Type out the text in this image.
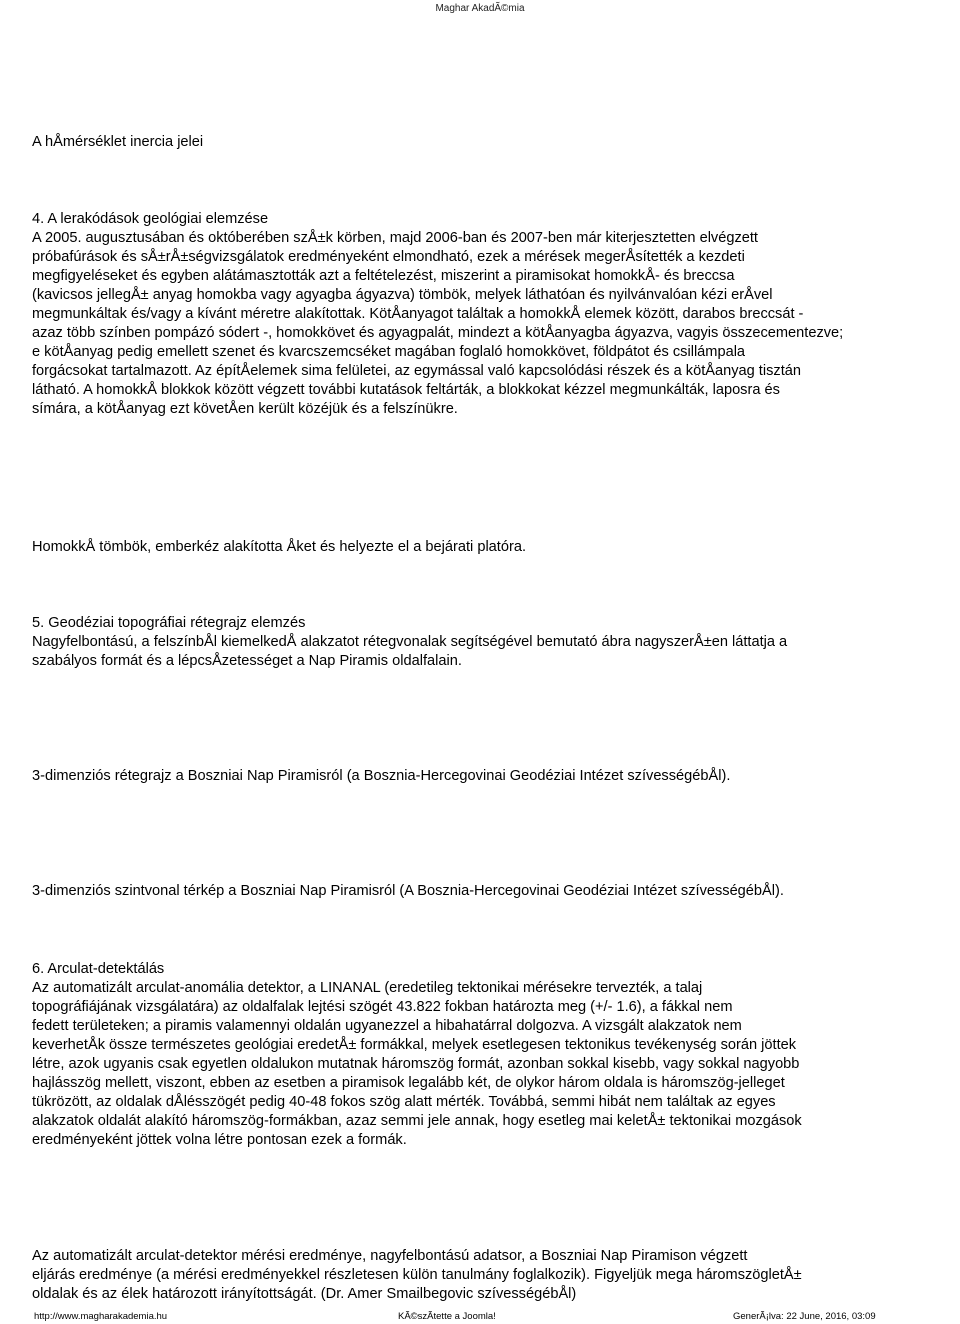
Maghar AkadÃ©mia
A hÅmérséklet inercia jelei
4. A lerakódások geológiai elemzése
A 2005. augusztusában és októberében szÅ±k körben, majd 2006-ban és 2007-ben már kiterjesztetten elvégzett
próbafúrások és sÅ±rÅ±ségvizsgálatok eredményeként elmondható, ezek a mérések megerÅsítették a kezdeti
megfigyeléseket és egyben alátámasztották azt a feltételezést, miszerint a piramisokat homokkÅ- és breccsa
(kavicsos jellegÅ± anyag homokba vagy agyagba ágyazva) tömbök, melyek láthatóan és nyilvánvalóan kézi erÅvel
megmunkáltak és/vagy a kívánt méretre alakítottak. KötÅanyagot találtak a homokkÅ elemek között, darabos breccsát -
azaz több színben pompázó sódert -, homokkövet és agyagpalát, mindezt a kötÅanyagba ágyazva, vagyis összecementezve;
e kötÅanyag pedig emellett szenet és kvarcszemcséket magában foglaló homokkövet, földpátot és csillámpala
forgácsokat tartalmazott. Az építÅelemek sima felületei, az egymással való kapcsolódási részek és a kötÅanyag tisztán
látható. A homokkÅ blokkok között végzett további kutatások feltárták, a blokkokat kézzel megmunkálták, laposra és
símára, a kötÅanyag ezt követÅen került közéjük és a felszínükre.
HomokkÅ tömbök, emberkéz alakította Åket és helyezte el a bejárati platóra.
5. Geodéziai topográfiai rétegrajz elemzés
Nagyfelbontású, a felszínbÅl kiemelkedÅ alakzatot rétegvonalak segítségével bemutató ábra nagyszerÅ±en láttatja a
szabályos formát és a lépcsÅzetességet a Nap Piramis oldalfalain.
3-dimenziós rétegrajz a Boszniai Nap Piramisról (a Bosznia-Hercegovinai Geodéziai Intézet szívességébÅl).
3-dimenziós szintvonal térkép a Boszniai Nap Piramisról (A Bosznia-Hercegovinai Geodéziai Intézet szívességébÅl).
6. Arculat-detektálás
Az automatizált arculat-anomália detektor, a LINANAL (eredetileg tektonikai mérésekre tervezték, a talaj
topográfiájának vizsgálatára) az oldalfalak lejtési szögét 43.822 fokban határozta meg (+/- 1.6), a fákkal nem
fedett területeken; a piramis valamennyi oldalán ugyanezzel a hibahatárral dolgozva. A vizsgált alakzatok nem
keverhetÅk össze természetes geológiai eredetÅ± formákkal, melyek esetlegesen tektonikus tevékenység során jöttek
létre, azok ugyanis csak egyetlen oldalukon mutatnak háromszög formát, azonban sokkal kisebb, vagy sokkal nagyobb
hajlásszög mellett, viszont, ebben az esetben a piramisok legalább két, de olykor három oldala is háromszög-jelleget
tükrözött, az oldalak dÅlésszögét pedig 40-48 fokos szög alatt mérték. Továbbá, semmi hibát nem találtak az egyes
alakzatok oldalát alakító háromszög-formákban, azaz semmi jele annak, hogy esetleg mai keletÅ± tektonikai mozgások
eredményeként jöttek volna létre pontosan ezek a formák.
Az automatizált arculat-detektor mérési eredménye, nagyfelbontású adatsor, a Boszniai Nap Piramison végzett
eljárás eredménye (a mérési eredményekkel részletesen külön tanulmány foglalkozik). Figyeljük mega háromszögletÅ±
oldalak és az élek határozott irányítottságát. (Dr. Amer Smailbegovic szívességébÅl)
http://www.magharakademia.hu	KÃ©szÃtette a Joomla!	GenerÃ¡lva: 22 June, 2016, 03:09
